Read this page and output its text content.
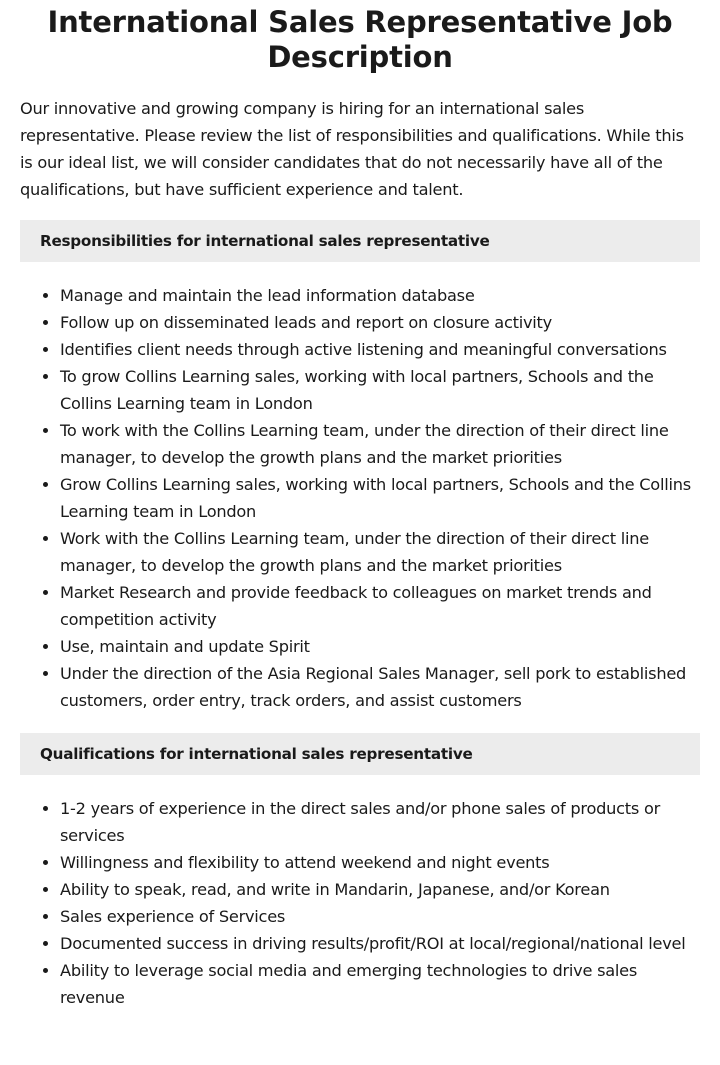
International Sales Representative Job Description

Our innovative and growing company is hiring for an international sales representative. Please review the list of responsibilities and qualifications. While this is our ideal list, we will consider candidates that do not necessarily have all of the qualifications, but have sufficient experience and talent.

Responsibilities for international sales representative
• Manage and maintain the lead information database
• Follow up on disseminated leads and report on closure activity
• Identifies client needs through active listening and meaningful conversations
• To grow Collins Learning sales, working with local partners, Schools and the Collins Learning team in London
• To work with the Collins Learning team, under the direction of their direct line manager, to develop the growth plans and the market priorities
• Grow Collins Learning sales, working with local partners, Schools and the Collins Learning team in London
• Work with the Collins Learning team, under the direction of their direct line manager, to develop the growth plans and the market priorities
• Market Research and provide feedback to colleagues on market trends and competition activity
• Use, maintain and update Spirit
• Under the direction of the Asia Regional Sales Manager, sell pork to established customers, order entry, track orders, and assist customers
Qualifications for international sales representative
• 1-2 years of experience in the direct sales and/or phone sales of products or services
• Willingness and flexibility to attend weekend and night events
• Ability to speak, read, and write in Mandarin, Japanese, and/or Korean
• Sales experience of Services
• Documented success in driving results/profit/ROI at local/regional/national level
• Ability to leverage social media and emerging technologies to drive sales revenue
